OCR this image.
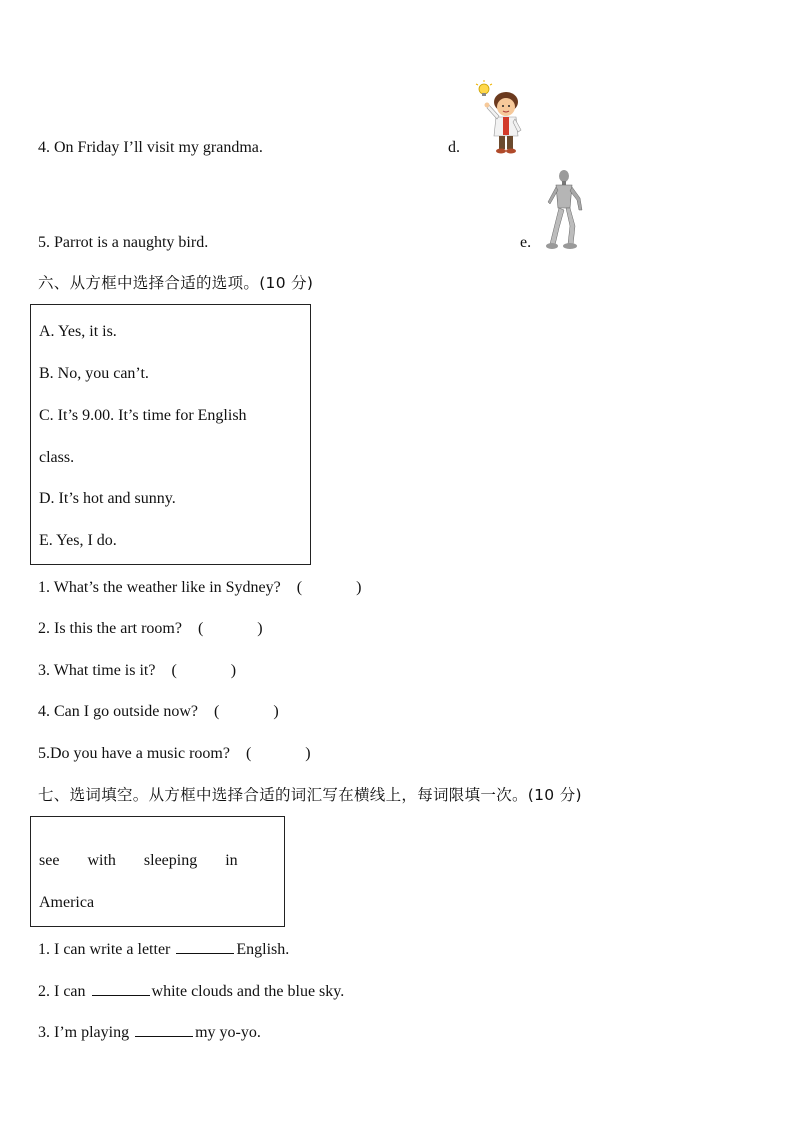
4. On Friday I’ll visit my grandma.	d.
5. Parrot is a naughty bird.	e.
六、从方框中选择合适的选项。(10 分)
A. Yes, it is.
B. No, you can’t.
C. It’s 9.00. It’s time for English
class.
D. It’s hot and sunny.
E. Yes, I do.
1. What’s the weather like in Sydney? (	)
2. Is this the art room? (	)
3. What time is it? (	)
4. Can I go outside now? (	)
5.Do you have a music room? (	)
七、选词填空。从方框中选择合适的词汇写在横线上，每词限填一次。(10 分)
see with sleeping in
America
1. I can write a letter	English.
2. I can	white clouds and the blue sky.
3. I’m playing	my yo-yo.
